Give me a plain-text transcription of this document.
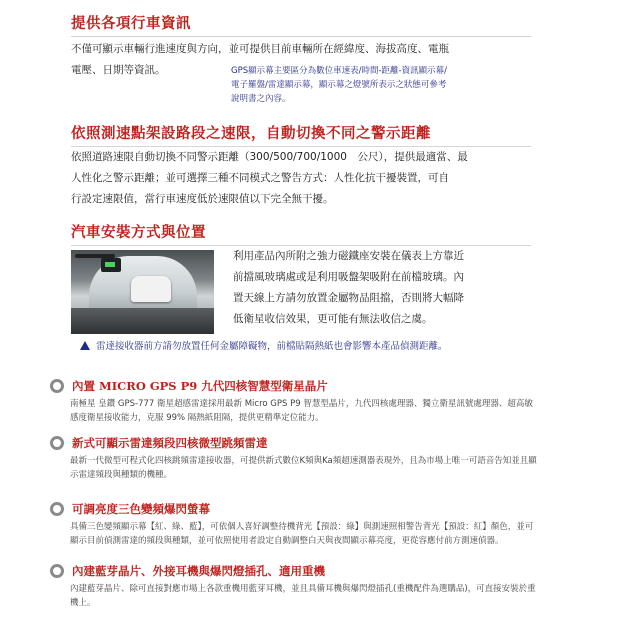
提供各項行車資訊
不僅可顯示車輛行進速度與方向，並可提供目前車輛所在經緯度、海拔高度、電瓶
電壓、日期等資訊。	GPS顯示幕主要區分為數位車速表/時間-距離-資訊顯示幕/
電子羅盤/雷達顯示幕，顯示幕之燈號所表示之狀態可參考
說明書之內容。
依照測速點架設路段之速限，自動切換不同之警示距離
依照道路速限自動切換不同警示距離（300/500/700/1000　公尺），提供最適當、最
人性化之警示距離；並可選擇三種不同模式之警告方式：人性化抗干擾裝置，可自
行設定速限值，當行車速度低於速限值以下完全無干擾。
汽車安裝方式與位置
利用產品內所附之強力磁鐵座安裝在儀表上方靠近
前擋風玻璃處或是利用吸盤架吸附在前檔玻璃。內
置天線上方請勿放置金屬物品阻擋，否則將大幅降
低衛星收信效果，更可能有無法收信之虞。
雷達接收器前方請勿放置任何金屬障礙物，前檔貼隔熱紙也會影響本產品偵測距離。
內置 MICRO GPS P9 九代四核智慧型衛星晶片
南極星 皇鑽 GPS-777 衛星超感雷達採用最新 Micro GPS P9 智慧型晶片，九代四核處理器、獨立衛星訊號處理器、超高敏
感度衛星接收能力，克服 99% 隔熱紙阻隔，提供更精準定位能力。
新式可顯示雷達頻段四核微型跳頻雷達
最新一代微型可程式化四核跳頻雷達接收器，可提供新式數位K頻與Ka頻超速測器表現外，且為市場上唯一可語音告知並且顯
示雷達頻段與種類的機種。
可調亮度三色變頻爆閃螢幕
具備三色變頻顯示幕【紅、綠、藍】，可依個人喜好調整待機背光【預設：綠】與測速照相警告背光【預設：紅】顏色，並可
顯示目前偵測雷達的頻段與種類，並可依照使用者設定自動調整白天與夜間顯示幕亮度，更從容應付前方測速偵器。
內建藍芽晶片、外接耳機與爆閃燈插孔、適用重機
內建藍芽晶片、除可直接對應市場上各款重機用藍芽耳機，並且具備耳機與爆閃燈插孔(重機配件為選購品)，可直接安裝於重
機上。
